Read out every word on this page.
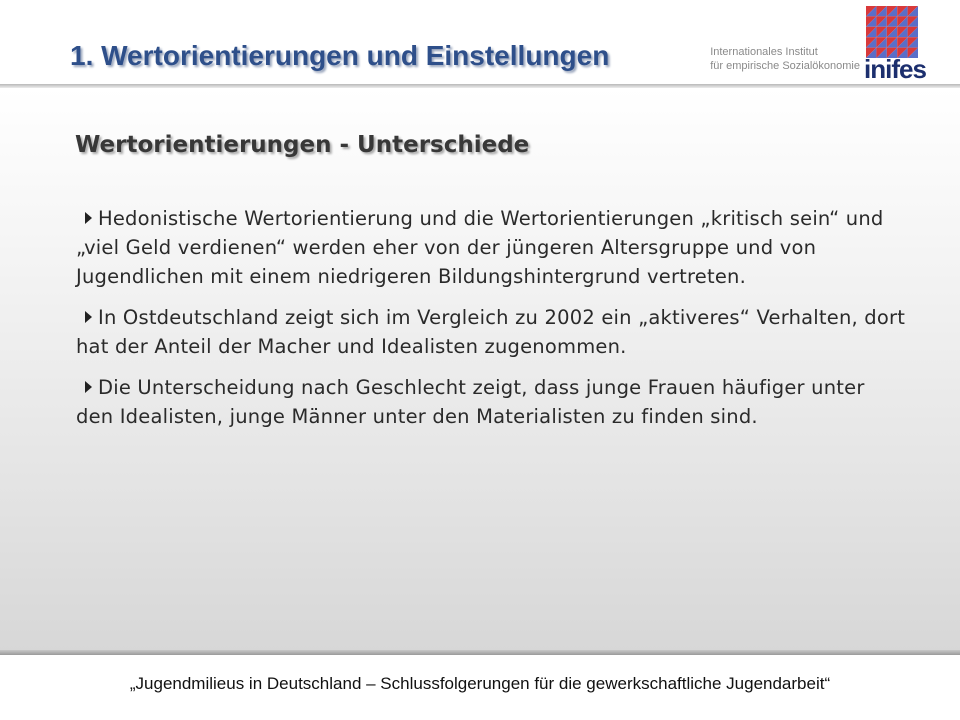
1. Wertorientierungen und Einstellungen	Internationales Institut
für empirische Sozialökonomie inifes
Wertorientierungen - Unterschiede
Hedonistische Wertorientierung und die Wertorientierungen „kritisch sein“ und „viel Geld verdienen“ werden eher von der jüngeren Altersgruppe und von Jugendlichen mit einem niedrigeren Bildungshintergrund vertreten.
In Ostdeutschland zeigt sich im Vergleich zu 2002 ein „aktiveres“ Verhalten, dort hat der Anteil der Macher und Idealisten zugenommen.
Die Unterscheidung nach Geschlecht zeigt, dass junge Frauen häufiger unter den Idealisten, junge Männer unter den Materialisten zu finden sind.
„Jugendmilieus in Deutschland – Schlussfolgerungen für die gewerkschaftliche Jugendarbeit“
